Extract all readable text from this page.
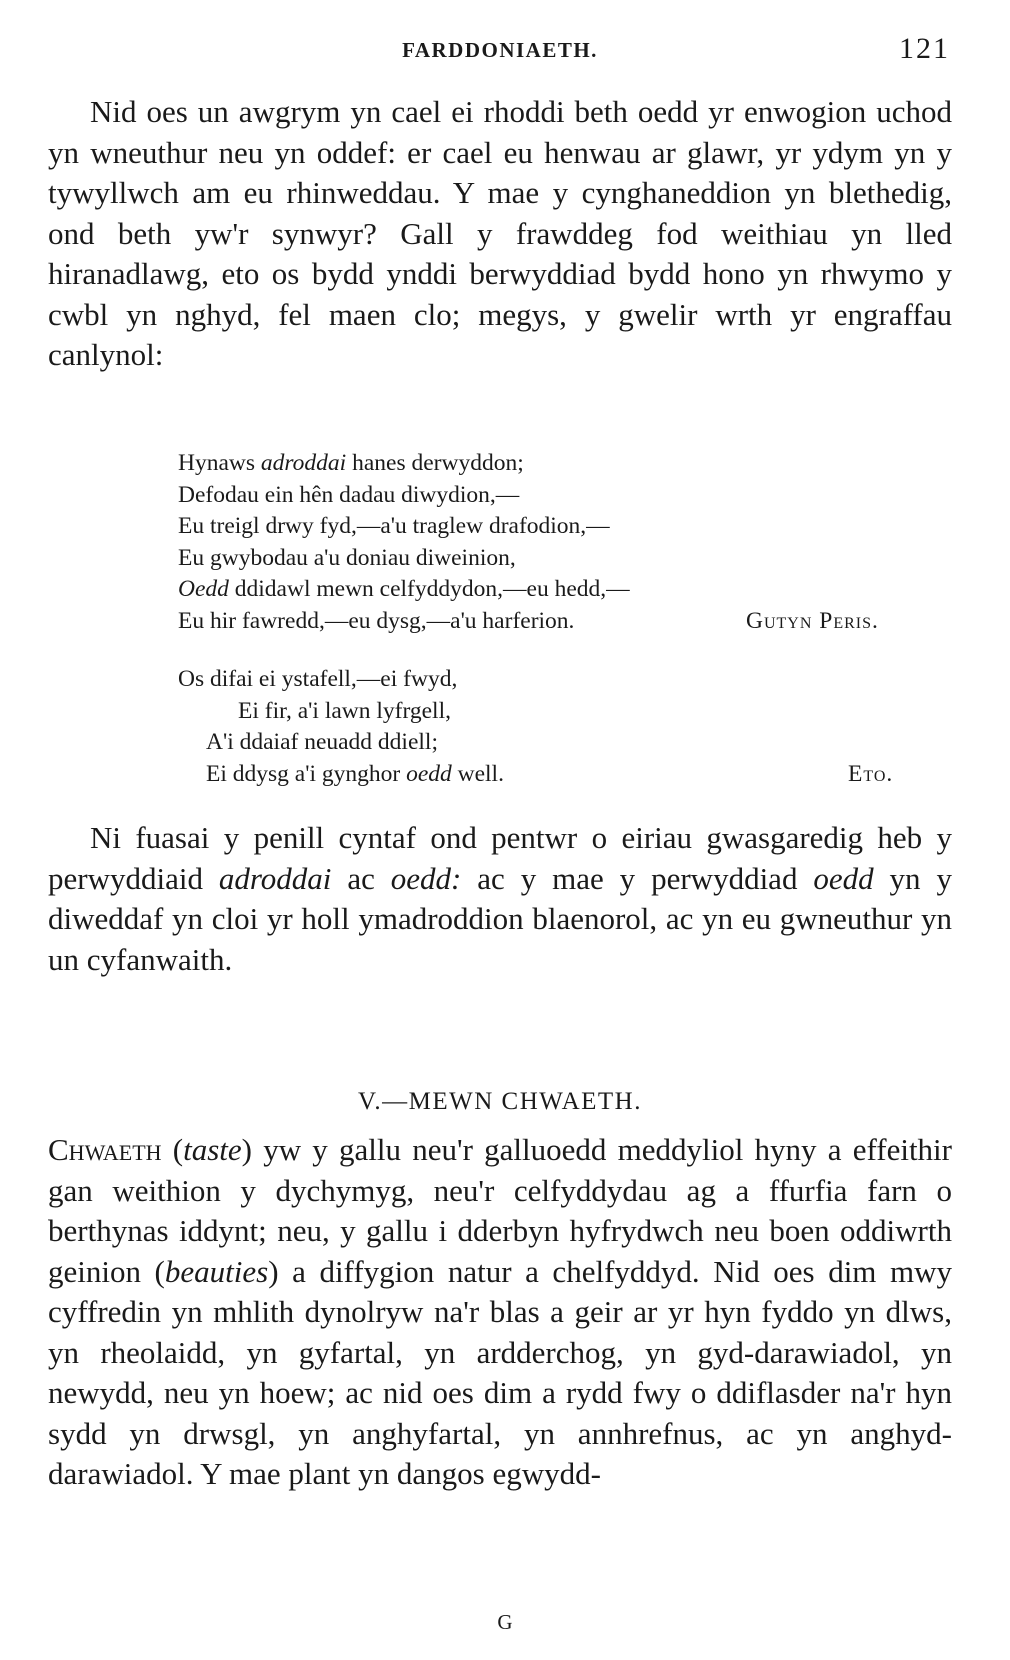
FARDDONIAETH.	121

Nid oes un awgrym yn cael ei rhoddi beth oedd yr enwogion uchod yn wneuthur neu yn oddef: er cael eu henwau ar glawr, yr ydym yn y tywyllwch am eu rhinweddau. Y mae y cynghaneddion yn blethedig, ond beth yw'r synwyr? Gall y frawddeg fod weithiau yn lled hiranadlawg, eto os bydd ynddi berwyddiad bydd hono yn rhwymo y cwbl yn nghyd, fel maen clo; megys, y gwelir wrth yr engraffau canlynol:

Hynaws adroddai hanes derwyddon;
Defodau ein hên dadau diwydion,—
Eu treigl drwy fyd,—a'u traglew drafodion,—
Eu gwybodau a'u doniau diweinion,
Oedd ddidawl mewn celfyddydon,—eu hedd,—
Eu hir fawredd,—eu dysg,—a'u harferion.	Gutyn Peris.
Os difai ei ystafell,—ei fwyd,
Ei fir, a'i lawn lyfrgell,
A'i ddaiaf neuadd ddiell;
Ei ddysg a'i gynghor oedd well.	Eto.

Ni fuasai y penill cyntaf ond pentwr o eiriau gwasgaredig heb y perwyddiaid adroddai ac oedd: ac y mae y perwyddiad oedd yn y diweddaf yn cloi yr holl ymadroddion blaenorol, ac yn eu gwneuthur yn un cyfanwaith.

V.—MEWN CHWAETH.

Chwaeth (taste) yw y gallu neu'r galluoedd meddyliol hyny a effeithir gan weithion y dychymyg, neu'r celfyddydau ag a ffurfia farn o berthynas iddynt; neu, y gallu i dderbyn hyfrydwch neu boen oddiwrth geinion (beauties) a diffygion natur a chelfyddyd. Nid oes dim mwy cyffredin yn mhlith dynolryw na'r blas a geir ar yr hyn fyddo yn dlws, yn rheolaidd, yn gyfartal, yn ardderchog, yn gyd-darawiadol, yn newydd, neu yn hoew; ac nid oes dim a rydd fwy o ddiflasder na'r hyn sydd yn drwsgl, yn anghyfartal, yn annhrefnus, ac yn anghyd-darawiadol. Y mae plant yn dangos egwydd-

G
